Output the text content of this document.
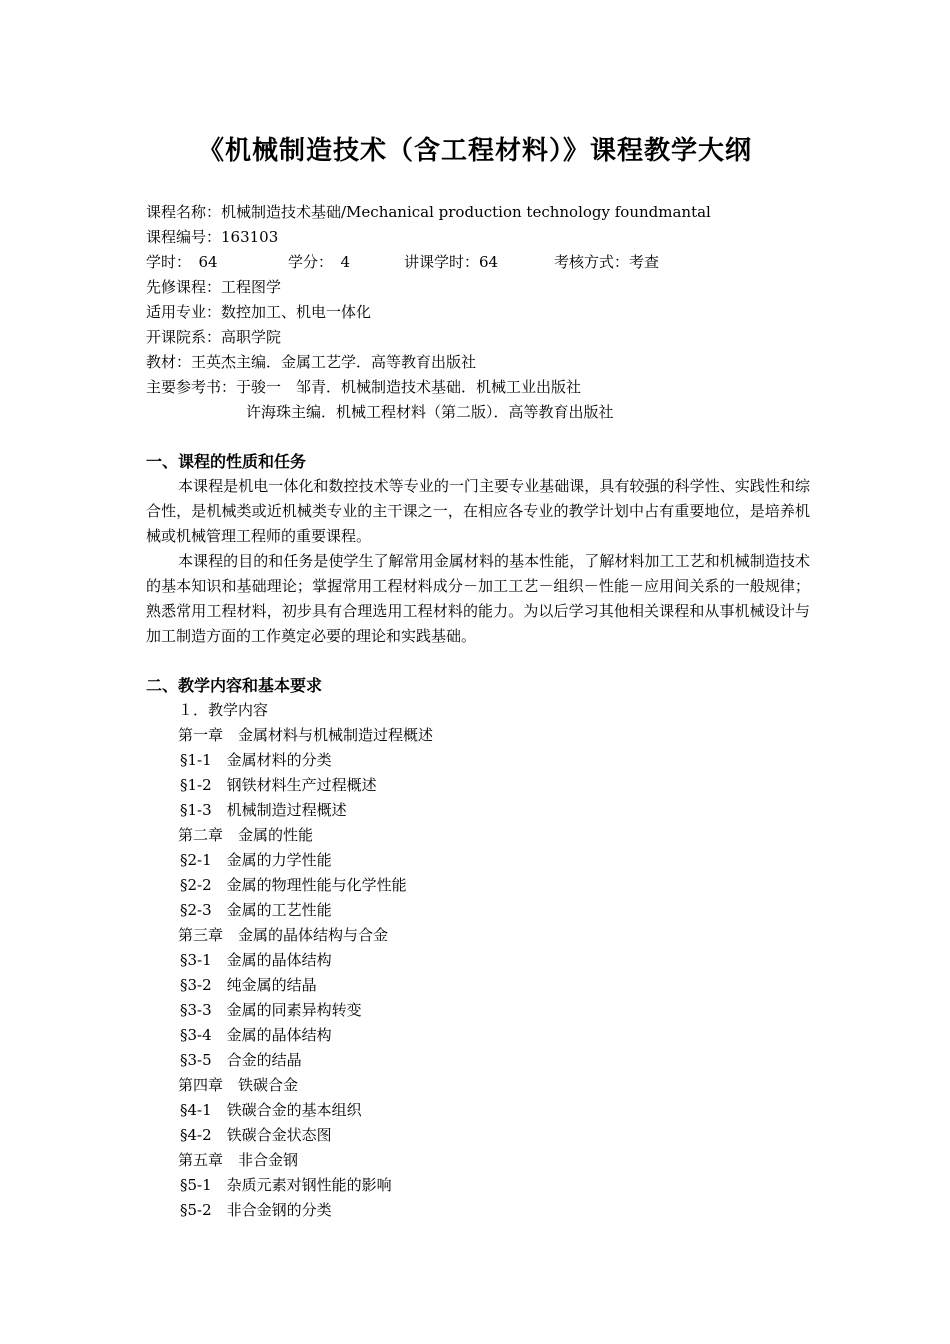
《机械制造技术（含工程材料）》课程教学大纲
课程名称：机械制造技术基础/Mechanical production technology foundmantal
课程编号：163103
学时：　64	学分：　4	讲课学时：64	考核方式：考查
先修课程：工程图学
适用专业：数控加工、机电一体化
开课院系：高职学院
教材：王英杰主编．金属工艺学．高等教育出版社
主要参考书：于骏一　邹青．机械制造技术基础．机械工业出版社
许海珠主编．机械工程材料（第二版）．高等教育出版社
一、课程的性质和任务

本课程是机电一体化和数控技术等专业的一门主要专业基础课，具有较强的科学性、实践性和综合性，是机械类或近机械类专业的主干课之一，在相应各专业的教学计划中占有重要地位，是培养机械或机械管理工程师的重要课程。

本课程的目的和任务是使学生了解常用金属材料的基本性能，了解材料加工工艺和机械制造技术的基本知识和基础理论；掌握常用工程材料成分－加工工艺－组织－性能－应用间关系的一般规律；熟悉常用工程材料，初步具有合理选用工程材料的能力。为以后学习其他相关课程和从事机械设计与加工制造方面的工作奠定必要的理论和实践基础。

二、教学内容和基本要求
１．教学内容
第一章　金属材料与机械制造过程概述
§1-1　金属材料的分类
§1-2　钢铁材料生产过程概述
§1-3　机械制造过程概述
第二章　金属的性能
§2-1　金属的力学性能
§2-2　金属的物理性能与化学性能
§2-3　金属的工艺性能
第三章　金属的晶体结构与合金
§3-1　金属的晶体结构
§3-2　纯金属的结晶
§3-3　金属的同素异构转变
§3-4　金属的晶体结构
§3-5　合金的结晶
第四章　铁碳合金
§4-1　铁碳合金的基本组织
§4-2　铁碳合金状态图
第五章　非合金钢
§5-1　杂质元素对钢性能的影响
§5-2　非合金钢的分类
